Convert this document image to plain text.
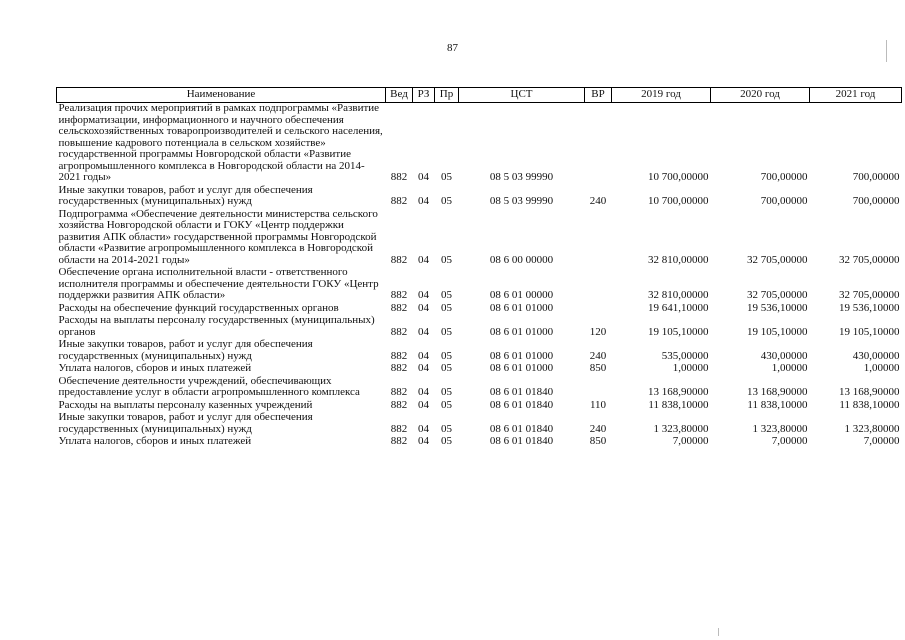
87
Наименование	Вед	РЗ	Пр	ЦСТ	ВР	2019 год	2020 год	2021 год
Реализация прочих мероприятий в рамках подпрограммы «Развитие информатизации, информационного и научного обеспечения сельскохозяйственных товаропроизводителей и сельского населения, повышение кадрового потенциала в сельском хозяйстве» государственной программы Новгородской области «Развитие агропромышленного комплекса в Новгородской области на 2014-2021 годы»	882	04	05	08 5 03 99990		10 700,00000	700,00000	700,00000
Иные закупки товаров, работ и услуг для обеспечения государственных (муниципальных) нужд	882	04	05	08 5 03 99990	240	10 700,00000	700,00000	700,00000
Подпрограмма «Обеспечение деятельности министерства сельского хозяйства Новгородской области и ГОКУ «Центр поддержки развития АПК области» государственной программы Новгородской области «Развитие агропромышленного комплекса в Новгородской области на 2014-2021 годы»	882	04	05	08 6 00 00000		32 810,00000	32 705,00000	32 705,00000
Обеспечение органа исполнительной власти - ответственного исполнителя программы и обеспечение деятельности ГОКУ «Центр поддержки развития АПК области»	882	04	05	08 6 01 00000		32 810,00000	32 705,00000	32 705,00000
Расходы на обеспечение функций государственных органов	882	04	05	08 6 01 01000		19 641,10000	19 536,10000	19 536,10000
Расходы на выплаты персоналу государственных (муниципальных) органов	882	04	05	08 6 01 01000	120	19 105,10000	19 105,10000	19 105,10000
Иные закупки товаров, работ и услуг для обеспечения государственных (муниципальных) нужд	882	04	05	08 6 01 01000	240	535,00000	430,00000	430,00000
Уплата налогов, сборов и иных платежей	882	04	05	08 6 01 01000	850	1,00000	1,00000	1,00000
Обеспечение деятельности учреждений, обеспечивающих предоставление услуг в области агропромышленного комплекса	882	04	05	08 6 01 01840		13 168,90000	13 168,90000	13 168,90000
Расходы на выплаты персоналу казенных учреждений	882	04	05	08 6 01 01840	110	11 838,10000	11 838,10000	11 838,10000
Иные закупки товаров, работ и услуг для обеспечения государственных (муниципальных) нужд	882	04	05	08 6 01 01840	240	1 323,80000	1 323,80000	1 323,80000
Уплата налогов, сборов и иных платежей	882	04	05	08 6 01 01840	850	7,00000	7,00000	7,00000
